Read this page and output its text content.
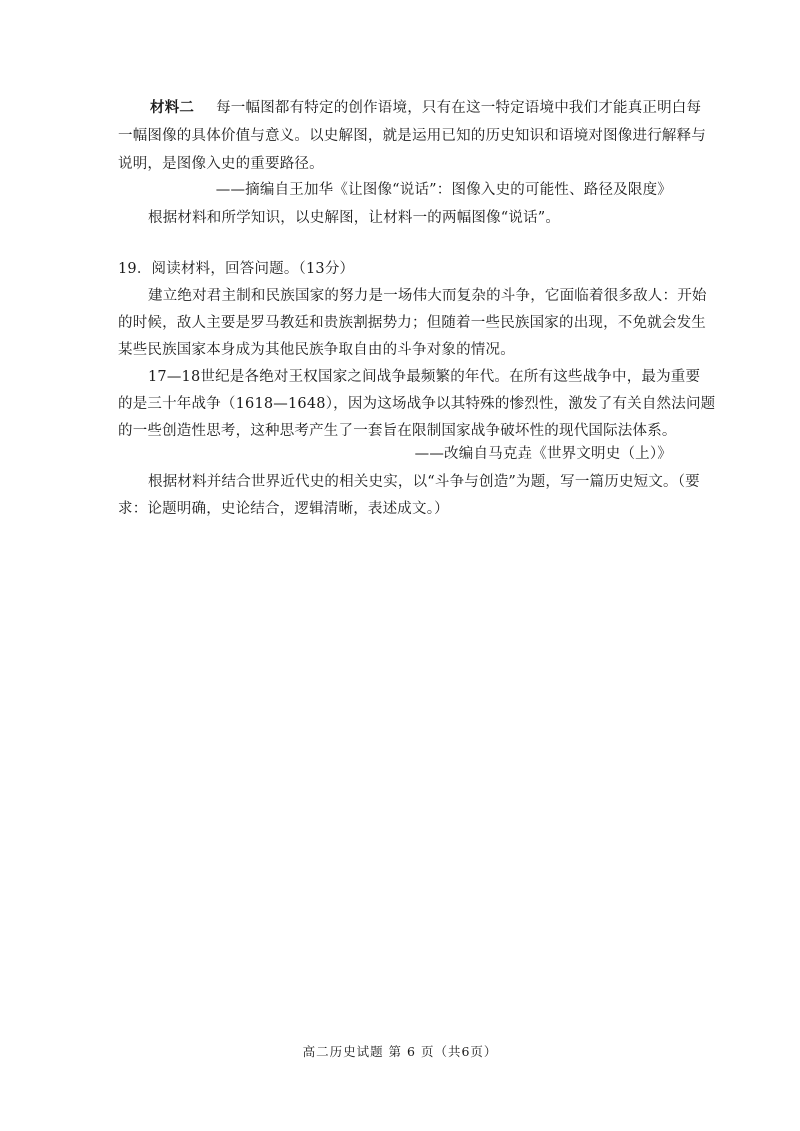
材料二 每一幅图都有特定的创作语境，只有在这一特定语境中我们才能真正明白每
一幅图像的具体价值与意义。以史解图，就是运用已知的历史知识和语境对图像进行解释与
说明，是图像入史的重要路径。
——摘编自王加华《让图像“说话”：图像入史的可能性、路径及限度》
根据材料和所学知识，以史解图，让材料一的两幅图像“说话”。
19．阅读材料，回答问题。（13分）
建立绝对君主制和民族国家的努力是一场伟大而复杂的斗争，它面临着很多敌人：开始
的时候，敌人主要是罗马教廷和贵族割据势力；但随着一些民族国家的出现，不免就会发生
某些民族国家本身成为其他民族争取自由的斗争对象的情况。
17—18世纪是各绝对王权国家之间战争最频繁的年代。在所有这些战争中，最为重要
的是三十年战争（1618—1648），因为这场战争以其特殊的惨烈性，激发了有关自然法问题
的一些创造性思考，这种思考产生了一套旨在限制国家战争破坏性的现代国际法体系。
——改编自马克垚《世界文明史（上）》
根据材料并结合世界近代史的相关史实，以“斗争与创造”为题，写一篇历史短文。（要
求：论题明确，史论结合，逻辑清晰，表述成文。）
高二历史试题 第 6 页（共6页）
